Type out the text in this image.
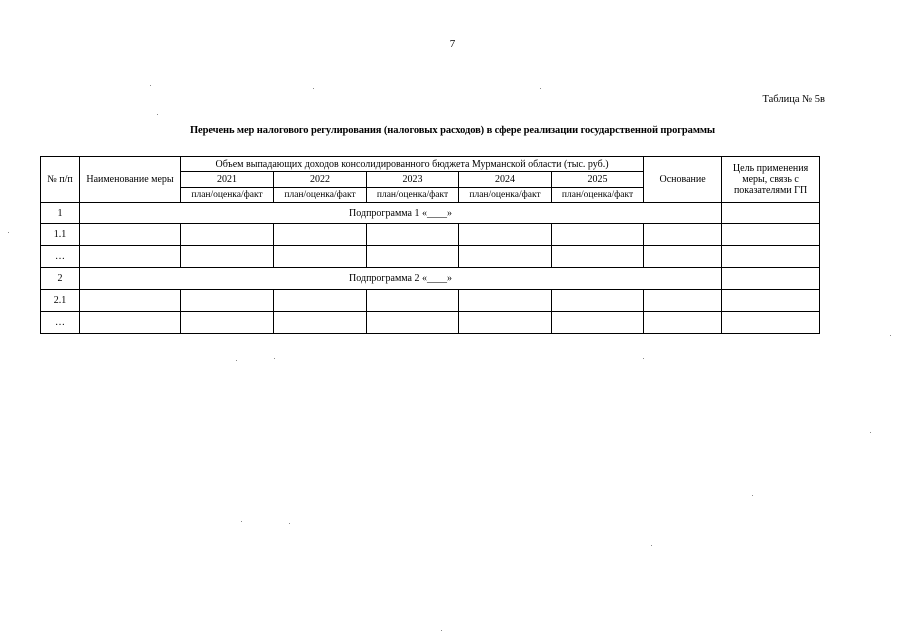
7
Таблица № 5в
Перечень мер налогового регулирования (налоговых расходов) в сфере реализации государственной программы
№ п/п	Наименование меры	Объем выпадающих доходов консолидированного бюджета Мурманской области (тыс. руб.)					Основание	Цель применения меры, связь с показателями ГП
		2021	2022	2023	2024	2025		
		план/оценка/факт	план/оценка/факт	план/оценка/факт	план/оценка/факт	план/оценка/факт		
1	Подпрограмма 1 «____»							
1.1								
…								
2	Подпрограмма 2 «____»							
2.1								
…								
